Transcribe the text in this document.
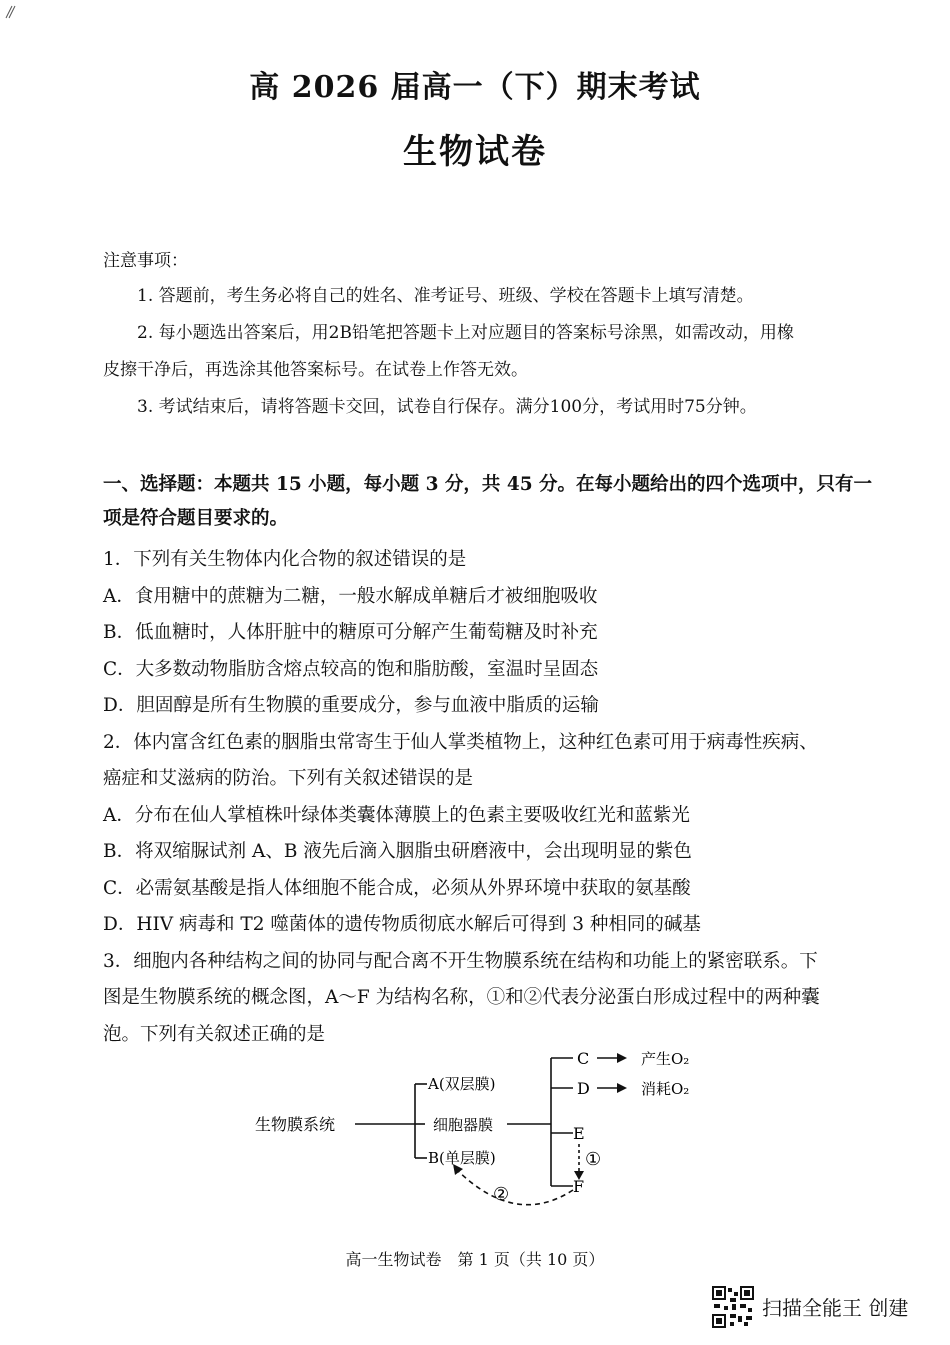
高 2026 届高一（下）期末考试
生物试卷
注意事项：
1. 答题前，考生务必将自己的姓名、准考证号、班级、学校在答题卡上填写清楚。
2. 每小题选出答案后，用2B铅笔把答题卡上对应题目的答案标号涂黑，如需改动，用橡
皮擦干净后，再选涂其他答案标号。在试卷上作答无效。
3. 考试结束后，请将答题卡交回，试卷自行保存。满分100分，考试用时75分钟。
一、选择题：本题共 15 小题，每小题 3 分，共 45 分。在每小题给出的四个选项中，只有一项是符合题目要求的。
1．下列有关生物体内化合物的叙述错误的是
A．食用糖中的蔗糖为二糖，一般水解成单糖后才被细胞吸收
B．低血糖时，人体肝脏中的糖原可分解产生葡萄糖及时补充
C．大多数动物脂肪含熔点较高的饱和脂肪酸，室温时呈固态
D．胆固醇是所有生物膜的重要成分，参与血液中脂质的运输
2．体内富含红色素的胭脂虫常寄生于仙人掌类植物上，这种红色素可用于病毒性疾病、
癌症和艾滋病的防治。下列有关叙述错误的是
A．分布在仙人掌植株叶绿体类囊体薄膜上的色素主要吸收红光和蓝紫光
B．将双缩脲试剂 A、B 液先后滴入胭脂虫研磨液中，会出现明显的紫色
C．必需氨基酸是指人体细胞不能合成，必须从外界环境中获取的氨基酸
D．HIV 病毒和 T2 噬菌体的遗传物质彻底水解后可得到 3 种相同的碱基
3．细胞内各种结构之间的协同与配合离不开生物膜系统在结构和功能上的紧密联系。下
图是生物膜系统的概念图，A～F 为结构名称，①和②代表分泌蛋白形成过程中的两种囊
泡。下列有关叙述正确的是
生物膜系统
A(双层膜)
细胞器膜
B(单层膜)
C
D
E
F
产生O₂
消耗O₂
①
②
高一生物试卷　第 1 页（共 10 页）
扫描全能王 创建
